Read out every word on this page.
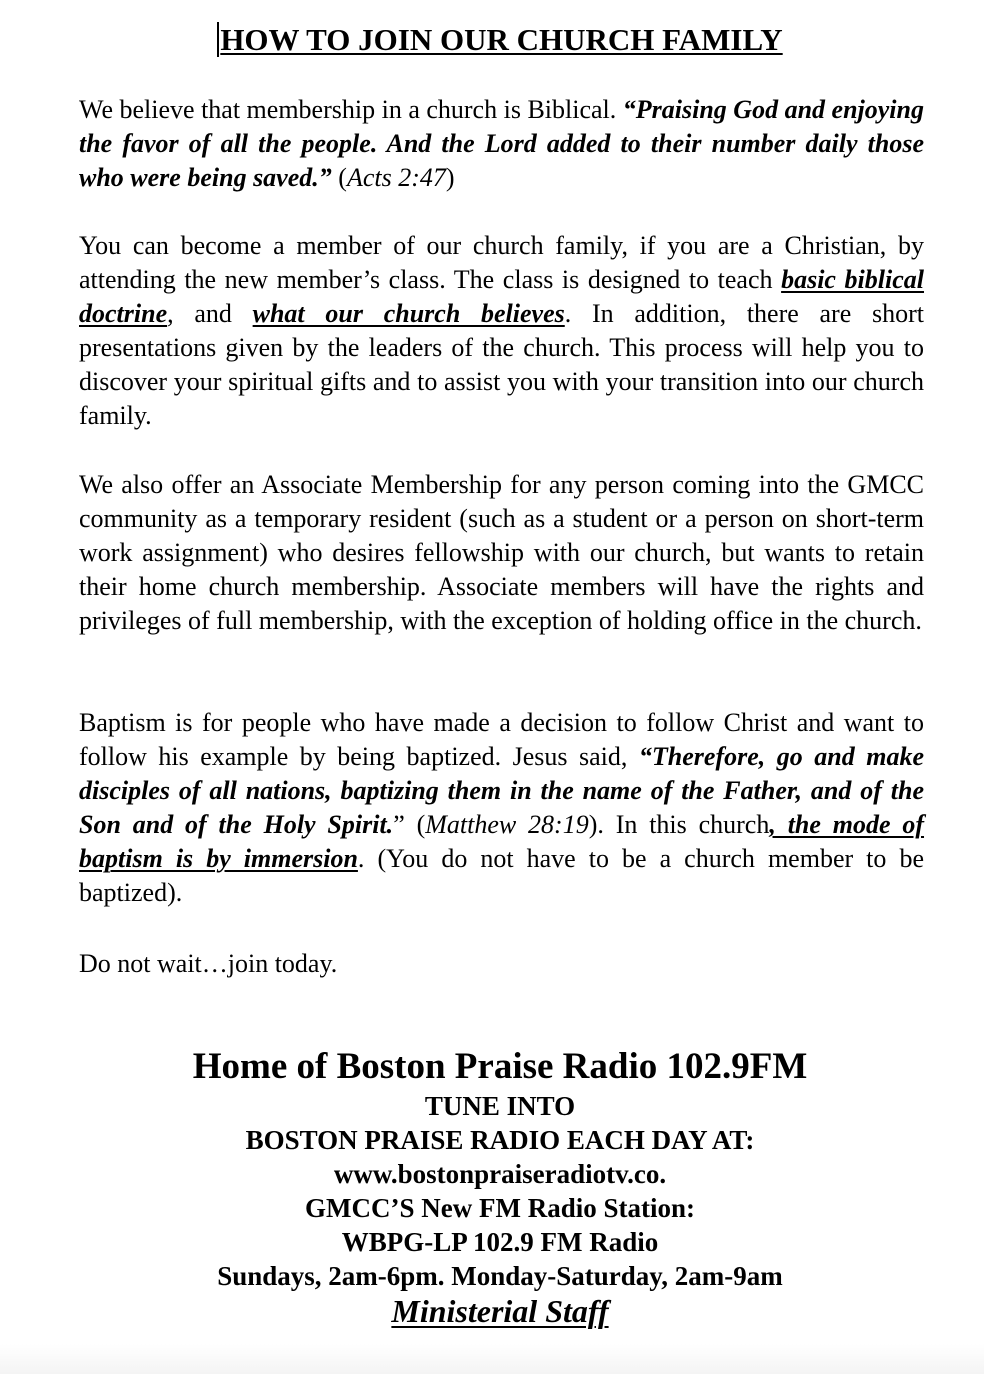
HOW TO JOIN OUR CHURCH FAMILY
We believe that membership in a church is Biblical. “Praising God and enjoying the favor of all the people. And the Lord added to their number daily those who were being saved.” (Acts 2:47)
You can become a member of our church family, if you are a Christian, by attending the new member’s class. The class is designed to teach basic biblical doctrine, and what our church believes. In addition, there are short presentations given by the leaders of the church. This process will help you to discover your spiritual gifts and to assist you with your transition into our church family.
We also offer an Associate Membership for any person coming into the GMCC community as a temporary resident (such as a student or a person on short-term work assignment) who desires fellowship with our church, but wants to retain their home church membership. Associate members will have the rights and privileges of full membership, with the exception of holding office in the church.
Baptism is for people who have made a decision to follow Christ and want to follow his example by being baptized. Jesus said, “Therefore, go and make disciples of all nations, baptizing them in the name of the Father, and of the Son and of the Holy Spirit.” (Matthew 28:19). In this church, the mode of baptism is by immersion. (You do not have to be a church member to be baptized).
Do not wait…join today.
Home of Boston Praise Radio 102.9FM
TUNE INTO
BOSTON PRAISE RADIO EACH DAY AT:
www.bostonpraiseradiotv.co.
GMCC’S New FM Radio Station:
WBPG-LP 102.9 FM Radio
Sundays, 2am-6pm. Monday-Saturday, 2am-9am
Ministerial Staff
